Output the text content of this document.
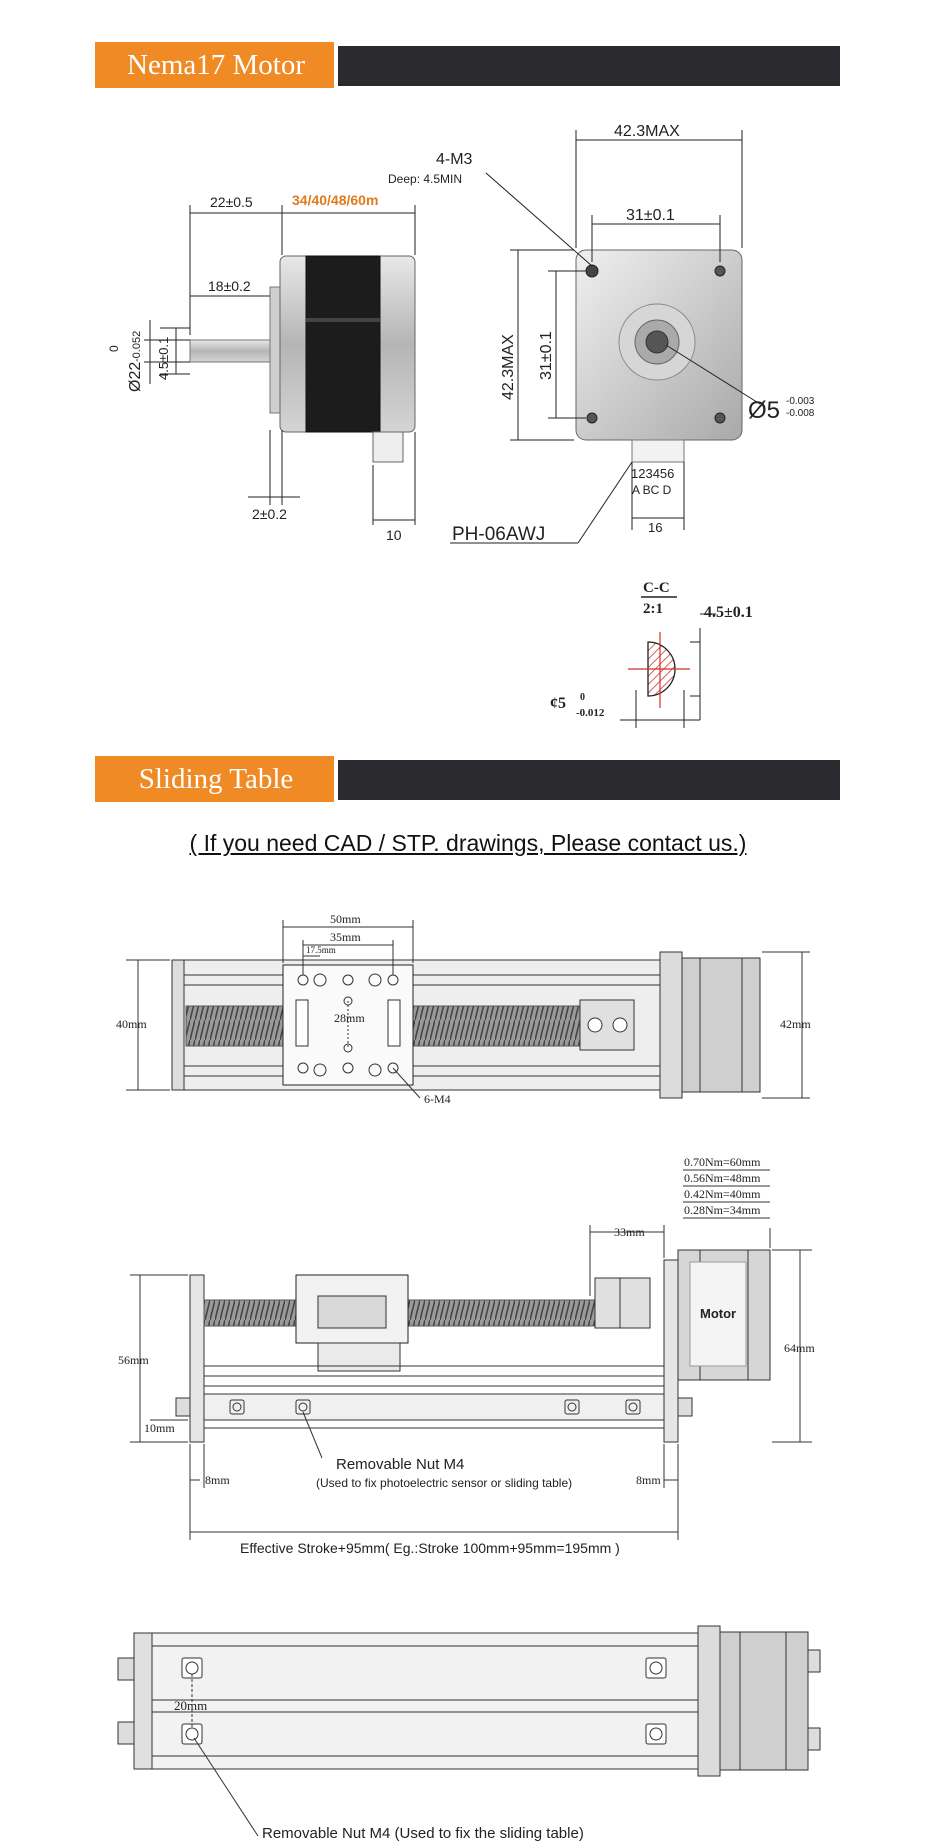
Nema17 Motor
Sliding Table
( If you need CAD / STP. drawings, Please contact us.)
22±0.5	34/40/48/60m
18±0.2
0
Ø22
-0.052 4.5±0.1
2±0.2
10
42.3MAX
31±0.1
42.3MAX 31±0.1
4-M3
Deep: 4.5MIN
Ø5 -0.003
-0.008
123456
A BC D
16
PH-06AWJ
C-C
2:1	4.5±0.1
¢5 0
-0.012
50mm
35mm
17.5mm
28mm
40mm	42mm
6-M4
0.70Nm=60mm
0.56Nm=48mm
0.42Nm=40mm
0.28Nm=34mm
33mm
Motor
56mm
64mm
10mm
Removable Nut M4
(Used to fix photoelectric sensor or sliding table)
8mm	8mm
Effective Stroke+95mm( Eg.:Stroke 100mm+95mm=195mm )
20mm
Removable Nut M4 (Used to fix the sliding table)
